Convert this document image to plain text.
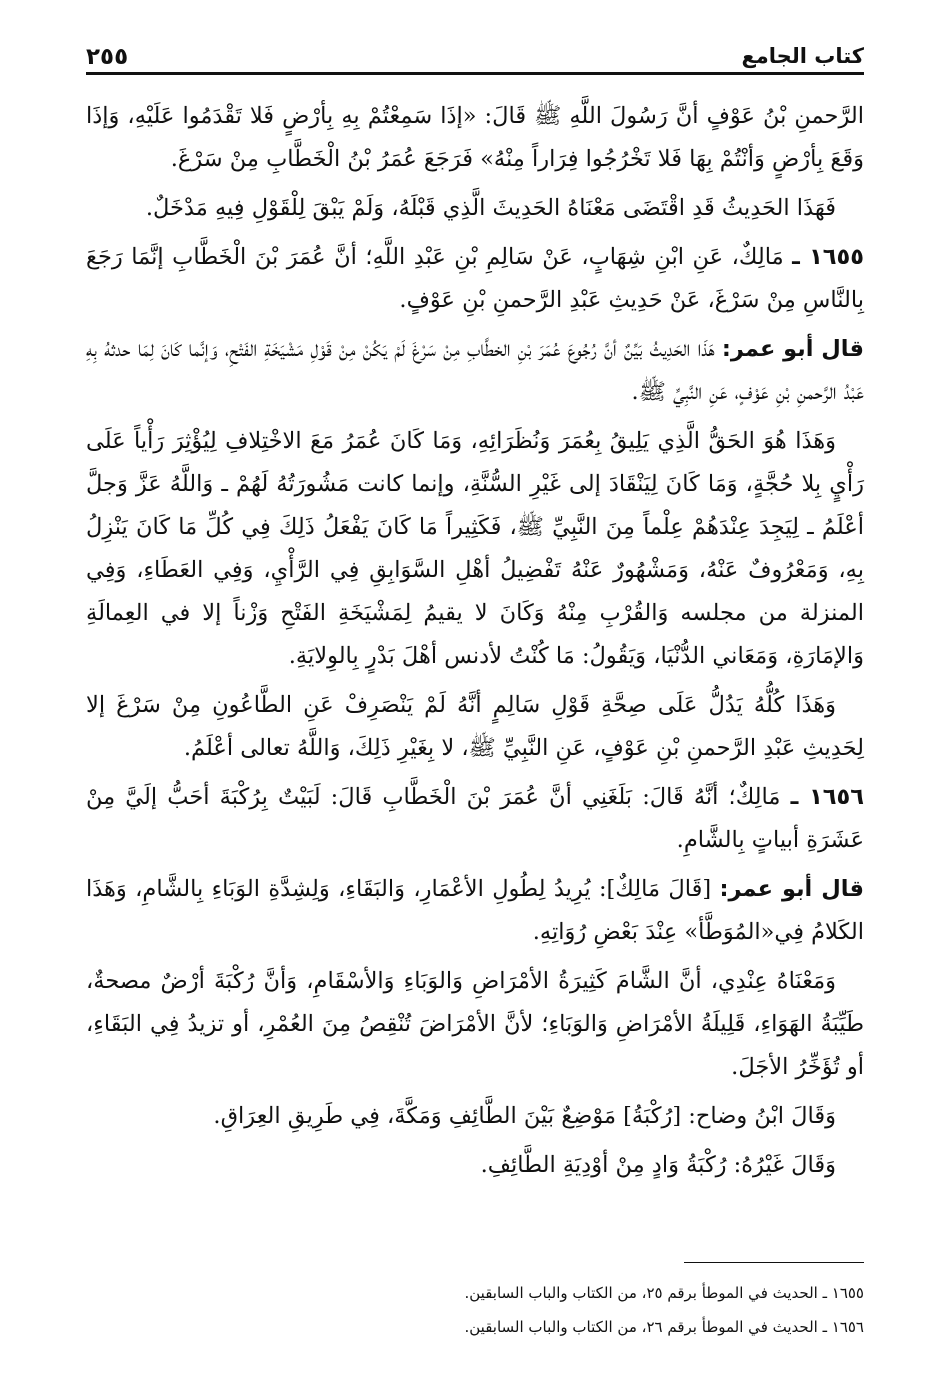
كتاب الجامع
٢٥٥

الرَّحمنِ بْنُ عَوْفٍ أنَّ رَسُولَ اللَّهِ ﷺ قَالَ: «إذَا سَمِعْتُمْ بِهِ بِأرْضٍ فَلا تَقْدَمُوا عَلَيْهِ، وَإذَا وَقَعَ بِأرْضٍ وَأنْتُمْ بِهَا فَلا تَخْرُجُوا فِرَاراً مِنْهُ» فَرَجَعَ عُمَرُ بْنُ الْخَطَّابِ مِنْ سَرْغَ.

فَهَذَا الحَدِيثُ قَدِ اقْتَضَى مَعْنَاهُ الحَدِيثَ الَّذِي قَبْلَهُ، وَلَمْ يَبْقَ لِلْقَوْلِ فِيهِ مَدْخَلٌ.

١٦٥٥ ـ مَالِكٌ، عَنِ ابْنِ شِهَابٍ، عَنْ سَالِمِ بْنِ عَبْدِ اللَّهِ؛ أنَّ عُمَرَ بْنَ الْخَطَّابِ إنَّمَا رَجَعَ بِالنَّاسِ مِنْ سَرْغَ، عَنْ حَدِيثِ عَبْدِ الرَّحمنِ بْنِ عَوْفٍ.

قال أبو عمر: هَذَا الحَدِيثُ بَيِّنٌ أنَّ رُجُوعَ عُمَرَ بْنِ الخطَّابِ مِنْ سَرْغَ لَمْ يَكُنْ مِنْ قَوْلِ مَشْيَخَةِ الفَتْحِ، وَإنَّما كَانَ لِمَا حدثهُ بِهِ عَبْدُ الرَّحمنِ بْنِ عَوْفٍ، عَنِ النَّبِيِّ ﷺ.

وَهَذَا هُوَ الحَقُّ الَّذِي يَلِيقُ بِعُمَرَ وَنُظَرَائِهِ، وَمَا كَانَ عُمَرُ مَعَ الاخْتِلافِ لِيُؤْثِرَ رَأْياً عَلَى رَأْيٍ بِلا حُجَّةٍ، وَمَا كَانَ لِيَنْقَادَ إلى غَيْرِ السُّنَّةِ، وإنما كانت مَشُورَتُهُ لَهُمْ ـ وَاللَّهُ عَزَّ وَجلَّ أعْلَمُ ـ لِيَجِدَ عِنْدَهُمْ عِلْماً مِنَ النَّبِيِّ ﷺ، فَكَثِيراً مَا كَانَ يَفْعَلُ ذَلِكَ فِي كُلِّ مَا كَانَ يَنْزِلُ بِهِ، وَمَعْرُوفٌ عَنْهُ، وَمَشْهُورٌ عَنْهُ تَفْضِيلُ أهْلِ السَّوَابِقِ فِي الرَّأْيِ، وَفِي العَطَاءِ، وَفِي المنزلة من مجلسه وَالقُرْبِ مِنْهُ وَكَانَ لا يقيمُ لِمَشْيَخَةِ الفَتْحِ وَزْناً إلا في العِمالَةِ وَالإمَارَةِ، وَمَعَاني الدُّنْيَا، وَيَقُولُ: مَا كُنْتُ لأدنس أهْلَ بَدْرٍ بِالوِلايَةِ.

وَهَذَا كُلُّهُ يَدُلُّ عَلَى صِحَّةِ قَوْلِ سَالِمٍ أنَّهُ لَمْ يَنْصَرِفْ عَنِ الطَّاعُونِ مِنْ سَرْغَ إلا لِحَدِيثِ عَبْدِ الرَّحمنِ بْنِ عَوْفٍ، عَنِ النَّبِيِّ ﷺ، لا بِغَيْرِ ذَلِكَ، وَاللَّهُ تعالى أعْلَمُ.

١٦٥٦ ـ مَالِكٌ؛ أنَّهُ قَالَ: بَلَغَنِي أنَّ عُمَرَ بْنَ الْخَطَّابِ قَالَ: لَبَيْتٌ بِرُكْبَةَ أحَبُّ إلَيَّ مِنْ عَشَرَةِ أبياتٍ بِالشَّامِ.

قال أبو عمر: [قَالَ مَالِكٌ]: يُرِيدُ لِطُولِ الأعْمَارِ، وَالبَقَاءِ، وَلِشِدَّةِ الوَبَاءِ بِالشَّامِ، وَهَذَا الكَلامُ فِي«المُوَطَّأ» عِنْدَ بَعْضِ رُوَاتِهِ.

وَمَعْنَاهُ عِنْدِي، أنَّ الشَّامَ كَثِيرَةُ الأمْرَاضِ وَالوَبَاءِ وَالأسْقَامِ، وَأنَّ رُكْبَةَ أرْضٌ مصحةٌ، طَيِّبَةُ الهَوَاءِ، قَلِيلَةُ الأمْرَاضِ وَالوَبَاءِ؛ لأنَّ الأمْرَاضَ تُنْقِصُ مِنَ العُمْرِ، أو تزيدُ فِي البَقَاءِ، أو تُؤَخِّرُ الأجَلَ.

وَقَالَ ابْنُ وضاح: [رُكْبَةُ] مَوْضِعٌ بَيْنَ الطَّائِفِ وَمَكَّةَ، فِي طَرِيقِ العِرَاقِ.

وَقَالَ غَيْرُهُ: رُكْبَةُ وَادٍ مِنْ أوْدِيَةِ الطَّائِفِ.

١٦٥٥ ـ الحديث في الموطأ برقم ٢٥، من الكتاب والباب السابقين.

١٦٥٦ ـ الحديث في الموطأ برقم ٢٦، من الكتاب والباب السابقين.
